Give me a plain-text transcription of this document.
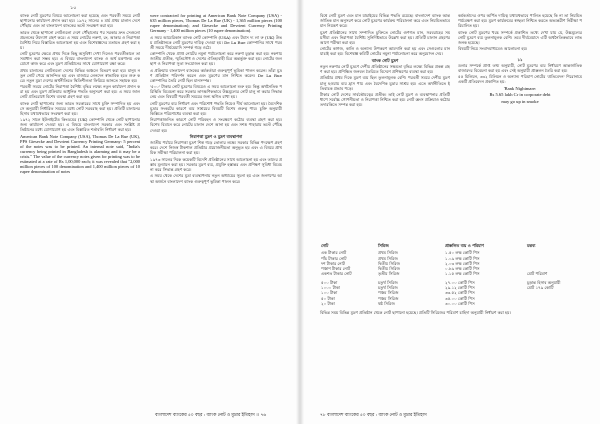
১০

ব্যাংক নোট মুদ্রণের বিষয়ে আলোচনা করা হয়েছে এবং পরবর্তী সময়ে নোট ছাপানোর কার্যাদেশ প্রদান করা হয়। ১৯৭২ সালের ৪ মার্চ প্রথম চালান দেশে পৌঁছায় এবং তা বাংলাদেশ ব্যাংকের ভল্টে সংরক্ষণ করা হয়।

ভারত থেকে ছাপানো নোটগুলো দেশে পৌঁছানোর পর সরকার দ্রুত সেগুলো প্রচলনের উদ্যোগ গ্রহণ করে। এ সময় নোটের নকশা, রং, আকার ও নিরাপত্তা বৈশিষ্ট্য নিয়ে বিস্তারিত আলোচনা হয় এবং বিশেষজ্ঞদের মতামত গ্রহণ করা হয়।

নোট মুদ্রণের ক্ষেত্রে প্রথম দিকে কিছু অসুবিধা দেখা দিলেও পরবর্তীকালে তা সমাধান করা সম্ভব হয়। এ বিষয়ে বাংলাদেশ ব্যাংক ও অর্থ মন্ত্রণালয় একযোগে কাজ করে এবং মুদ্রণ প্রতিষ্ঠানের সাথে যোগাযোগ রক্ষা করে।

প্রথম চালানের নোটগুলো দেশের বিভিন্ন অঞ্চলে বিতরণ করা হয়। মানুষ নতুন নোট পেয়ে আনন্দিত হয় এবং বাজারে লেনদেন স্বাভাবিক হতে শুরু করে। নতুন মুদ্রা দেশের অর্থনীতিতে স্থিতিশীলতা ফিরিয়ে আনতে সহায়ক হয়।

পরবর্তী সময়ে নোটের নিরাপত্তা বৈশিষ্ট্য বৃদ্ধির লক্ষ্যে নতুন কার্যাদেশ প্রদান করা হয় এবং মুদ্রণ প্রক্রিয়ায় আধুনিক পদ্ধতি অনুসরণ করা হয়। এ সময় জাল নোট প্রতিরোধে বিশেষ ব্যবস্থা গ্রহণ করা হয়।

ব্যাংক নোট ছাপানোর জন্য ভারত সরকারের সাথে চুক্তি সম্পাদিত হয় এবং সে অনুযায়ী নির্ধারিত সময়ের মধ্যে নোট সরবরাহ করা হয়। প্রতিটি চালানের হিসাব যথাযথভাবে সংরক্ষণ করা হয়।

১৯৭২ সালে ইউনাইটেড কিংডমের (UK) কোম্পানি থেকে নোট ছাপানোর জন্য কার্যাদেশ দেওয়া হয়। এ বিষয়ে বাংলাদেশ সরকার এবং সংশ্লিষ্ট প্রতিষ্ঠানের মধ্যে যোগাযোগ হয় এবং বিস্তারিত শর্তাবলি নির্ধারণ করা হয়।

American Bank Note Company (USA), Thomas De La Rue (UK), PPS Giesecke and Devrient Currency Printing Germany: 5 percent of the notes was to be printed. An internal note said, "India's currency being printed in Bangladesh is alarming and it may be a crisis." The value of the currency notes given for printing was to be estimated at a rate of Rs 1,00,000 each; it was revealed that "2,000 million pieces of 100 denomination and 1,400 million pieces of 10 rupee denomination of notes

were contracted for printing at American Bank Note Company (USA) - 635 million pieces, Thomas De La Rue (UK) - 1,365 million pieces (100 rupee denomination); and Giesecke and Devrient Currency Printing Germany - 1,400 million pieces (10 rupee denomination).

এ সময় আমেরিকান ব্যাংক নোট কোম্পানি (USA) এবং টমাস দ্য লা রু (UK) উভয় প্রতিষ্ঠানকে নোট মুদ্রণের দায়িত্ব দেওয়া হয়। De La Rue কোম্পানির সাথে পরবর্তী সময়ে দীর্ঘমেয়াদি সম্পর্ক গড়ে ওঠে।

কোম্পানি থেকে প্রাপ্ত নোটের নমুনা পর্যালোচনা করে নকশা চূড়ান্ত করা হয়। নকশায় জাতীয় প্রতীক, স্মৃতিসৌধ ও দেশের ঐতিহ্যবাহী চিত্র অন্তর্ভুক্ত করা হয়। নোটের জলছাপ ও নিরাপত্তা সুতা সংযোজন করা হয়।

এ প্রক্রিয়ায় বাংলাদেশ ব্যাংকের কর্মকর্তারা গুরুত্বপূর্ণ ভূমিকা পালন করেন। তাঁরা মুদ্রণ প্রতিষ্ঠান পরিদর্শন করেন এবং মুদ্রণের মান নিশ্চিত করেন। De La Rue কোম্পানির তৈরি নোট ছিল মানসম্পন্ন।

'৫০০' টাকার নোট মুদ্রণের বিষয়েও এ সময় আলোচনা শুরু হয়। কিন্তু অর্থনৈতিক পরিস্থিতি বিবেচনা করে সরকার তাৎক্ষণিকভাবে উচ্চমূল্যের নোট চালু না করার সিদ্ধান্ত নেয় এবং বিষয়টি পরবর্তী সময়ের জন্য স্থগিত রাখা হয়।

নোট মুদ্রণের ব্যয় নির্ধারণ এবং পরিশোধ পদ্ধতি নিয়েও দীর্ঘ আলোচনা হয়। বৈদেশিক মুদ্রার সংকটের কারণে ব্যয় সাশ্রয়ের বিষয়টি বিশেষ গুরুত্ব পায়। চুক্তি অনুযায়ী কিস্তিতে পরিশোধের ব্যবস্থা করা হয়।

নিরাপত্তাজনিত কারণে নোট পরিবহন ও সংরক্ষণে কঠোর ব্যবস্থা গ্রহণ করা হয়। বিশেষ বিমানে করে নোটের চালান দেশে আনা হয় এবং সশস্ত্র পাহারায় ভল্টে পৌঁছে দেওয়া হয়।

নিরাপত্তা মুদ্রণ ও মুদ্রণ ব্যবস্থাপনা

জাতীয় পর্যায়ে নিরাপত্তা মুদ্রণ শিল্প গড়ে তোলার লক্ষ্যে সরকার বিভিন্ন পদক্ষেপ গ্রহণ করে। দেশে নিজস্ব টাকশাল প্রতিষ্ঠার প্রয়োজনীয়তা অনুভূত হয় এবং এ বিষয়ে প্রাথমিক সমীক্ষা পরিচালনা করা হয়।

১৯৭৩ সালের দিকে কয়েকটি বিদেশি প্রতিষ্ঠানের সাথে আলোচনা হয় এবং তাদের প্রস্তাব মূল্যায়ন করা হয়। সরকার মুদ্রণ ব্যয়, প্রযুক্তি হস্তান্তর এবং প্রশিক্ষণ সুবিধা বিবেচনা করে সিদ্ধান্ত গ্রহণ করে।

এ সময় থেকে দেশের মুদ্রা ব্যবস্থাপনায় নতুন অধ্যায়ের সূচনা হয় এবং জনগণের আস্থা অর্জনে বাংলাদেশ ব্যাংক গুরুত্বপূর্ণ ভূমিকা পালন করে।

বাংলাদেশ ব্যাংকের ৫০ বছর : ব্যাংক নোট ও মুদ্রার ইতিহাস ।। ৭৬

বিশ্বে নোট মুদ্রণ এবং মান যাচাইয়ের বিভিন্ন পদ্ধতি রয়েছে। বাংলাদেশ ব্যাংক আন্তর্জাতিক মান অনুসরণ করে নোট মুদ্রণের কার্যক্রম পরিচালনা করে এবং নিয়মিতভাবে মান নিয়ন্ত্রণ করে।

মুদ্রণ প্রতিষ্ঠানের সাথে সম্পাদিত চুক্তিতে নোটের গুণগত মান, সরবরাহের সময়সীমা এবং নিরাপত্তা বৈশিষ্ট্য সুনির্দিষ্টভাবে উল্লেখ করা হয়। প্রতিটি চালান গ্রহণের আগে পরীক্ষা করা হয়।

নোটের কাগজ, কালি ও অন্যান্য উপকরণ আমদানি করা হয় এবং সেগুলোর মান যাচাই করা হয়। বিশেষজ্ঞ কমিটি নোটের নমুনা পর্যালোচনা করে অনুমোদন দেয়।

ব্যাংক নোট মুদ্রণ

নতুন নকশার নোট মুদ্রণে দেশীয় প্রতিষ্ঠানের সক্ষমতা বৃদ্ধির লক্ষ্যে বিভিন্ন প্রকল্প গ্রহণ করা হয়। প্রশিক্ষিত জনবল তৈরিতে বিদেশে প্রশিক্ষণের ব্যবস্থা করা হয়।

প্রতিষ্ঠার প্রথম দিকে মুদ্রণ ব্যয় ছিল তুলনামূলক বেশি। পরবর্তী সময়ে দেশীয় মুদ্রণ চালু হওয়ায় ব্যয় হ্রাস পায় এবং বৈদেশিক মুদ্রার সাশ্রয় হয়। এতে অর্থনীতিতে ইতিবাচক প্রভাব পড়ে।

টাকার নোট দেশের সার্বভৌমত্বের প্রতীক। তাই নোট মুদ্রণ ও ব্যবস্থাপনার প্রতিটি ধাপে সর্বোচ্চ গোপনীয়তা ও নিরাপত্তা নিশ্চিত করা হয়। নোট ধ্বংস প্রক্রিয়াও কঠোর তদারকিতে সম্পন্ন করা হয়।

কর্মকর্তাদের ওপর অর্পিত দায়িত্ব যথাযথভাবে পালিত হয়েছে কি না তা নিয়মিত পর্যবেক্ষণ করা হয়। মুদ্রণ কার্যক্রমের স্বচ্ছতা নিশ্চিত করতে অভ্যন্তরীণ নিরীক্ষা পরিচালিত হয়।

ব্যাংক নোট মুদ্রণের খরচ সম্পর্কে প্রকাশিত তথ্যে দেখা যায় যে, উচ্চমূল্যের নোট মুদ্রণে ব্যয় তুলনামূলক বেশি। তবে দীর্ঘমেয়াদে এটি অর্থনৈতিকভাবে লাভজনক হয়েছে।

বিষয়টি নিয়ে সংবাদমাধ্যমেও আলোচনা হয়।

১১

ডলার সম্পর্কে প্রাপ্ত তথ্য অনুযায়ী, নোট মুদ্রণের ব্যয় নির্ধারণে আন্তর্জাতিক বাজারদর বিবেচনা করা হয় এবং সেই অনুযায়ী প্রাক্কলন তৈরি করা হয়।

৫৫ মিলিয়ন, ৩৩২ মিলিয়ন ও অন্যান্য পরিমাণ নোটের 'প্রতিবেদন' শিরোনামে একটি প্রতিবেদন প্রকাশিত হয়:

'Bank Nightmare:

Rs 5.65 lakh Cr in corporate debt

may go up in smoke

নোট	সিরিজ	প্রাক্কলিত ব্যয় ও পরিমাণ	মন্তব্য
এক টাকার নোট	প্রথম সিরিজ	১.৫০ লক্ষ কোটি পিস	
পাঁচ টাকার নোট	প্রথম সিরিজ	১.০৯ লক্ষ কোটি পিস	
দশ টাকার নোট	দ্বিতীয় সিরিজ	২.০৩ লক্ষ কোটি পিস	
পঞ্চাশ টাকার নোট	দ্বিতীয় সিরিজ	০.৮৯ লক্ষ কোটি পিস	
একশত টাকার নোট	তৃতীয় সিরিজ	১.১৫ লক্ষ কোটি পিস	মোট পরিমাণ
৫০০ টাকা	চতুর্থ সিরিজ	২৭.০০ কোটি পিস	চূড়ান্ত হিসাব অনুযায়ী
১০০০ টাকা	চতুর্থ সিরিজ	২৯.১২ কোটি পিস	মোট ১৭৯ কোটি
১০০ টাকা	পঞ্চম সিরিজ	৩৩.৫২ কোটি পিস	
৫০ টাকা	পঞ্চম সিরিজ	৩৫.০০ কোটি পিস	
২০ টাকা	ষষ্ঠ সিরিজ	৩০.০০ কোটি পিস	
বিভিন্ন সময় বিভিন্ন মুদ্রণ প্রতিষ্ঠান থেকে নোট ছাপানো হয়েছে। প্রতিটি সিরিজের পরিমাণ চাহিদা অনুযায়ী নির্ধারণ করা হয়।
৭৮ বাংলাদেশ ব্যাংকের ৫০ বছর : ব্যাংক নোট ও মুদ্রার ইতিহাস
